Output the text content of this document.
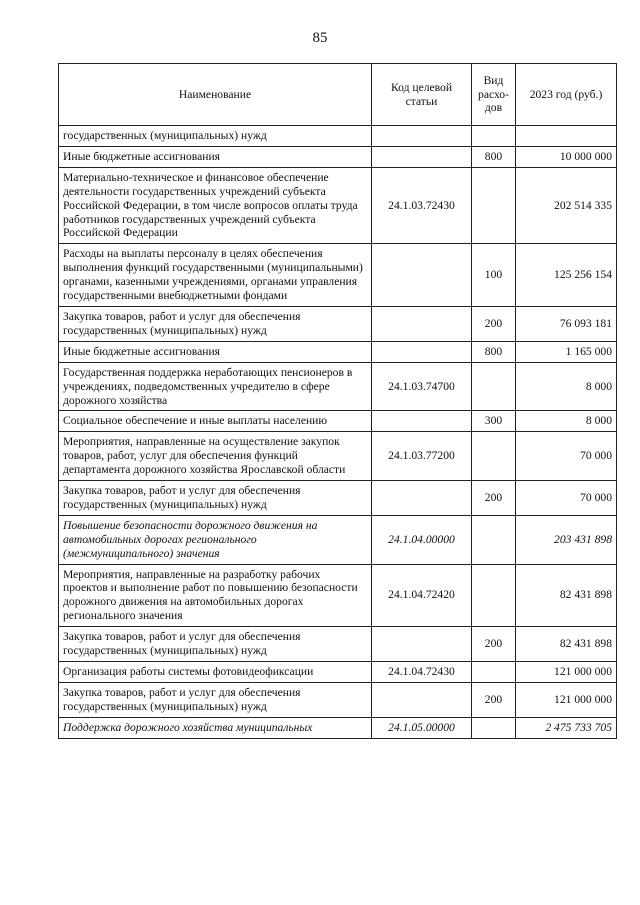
85
Наименование	Код целевой статьи	Вид расхо-дов	2023 год (руб.)
государственных (муниципальных) нужд			
Иные бюджетные ассигнования		800	10 000 000
Материально-техническое и финансовое обеспечение деятельности государственных учреждений субъекта Российской Федерации, в том числе вопросов оплаты труда работников государственных учреждений субъекта Российской Федерации	24.1.03.72430		202 514 335
Расходы на выплаты персоналу в целях обеспечения выполнения функций государственными (муниципальными) органами, казенными учреждениями, органами управления государственными внебюджетными фондами		100	125 256 154
Закупка товаров, работ и услуг для обеспечения государственных (муниципальных) нужд		200	76 093 181
Иные бюджетные ассигнования		800	1 165 000
Государственная поддержка неработающих пенсионеров в учреждениях, подведомственных учредителю в сфере дорожного хозяйства	24.1.03.74700		8 000
Социальное обеспечение и иные выплаты населению		300	8 000
Мероприятия, направленные на осуществление закупок товаров, работ, услуг для обеспечения функций департамента дорожного хозяйства Ярославской области	24.1.03.77200		70 000
Закупка товаров, работ и услуг для обеспечения государственных (муниципальных) нужд		200	70 000
Повышение безопасности дорожного движения на автомобильных дорогах регионального (межмуниципального) значения	24.1.04.00000		203 431 898
Мероприятия, направленные на разработку рабочих проектов и выполнение работ по повышению безопасности дорожного движения на автомобильных дорогах регионального значения	24.1.04.72420		82 431 898
Закупка товаров, работ и услуг для обеспечения государственных (муниципальных) нужд		200	82 431 898
Организация работы системы фотовидеофиксации	24.1.04.72430		121 000 000
Закупка товаров, работ и услуг для обеспечения государственных (муниципальных) нужд		200	121 000 000
Поддержка дорожного хозяйства муниципальных	24.1.05.00000		2 475 733 705
